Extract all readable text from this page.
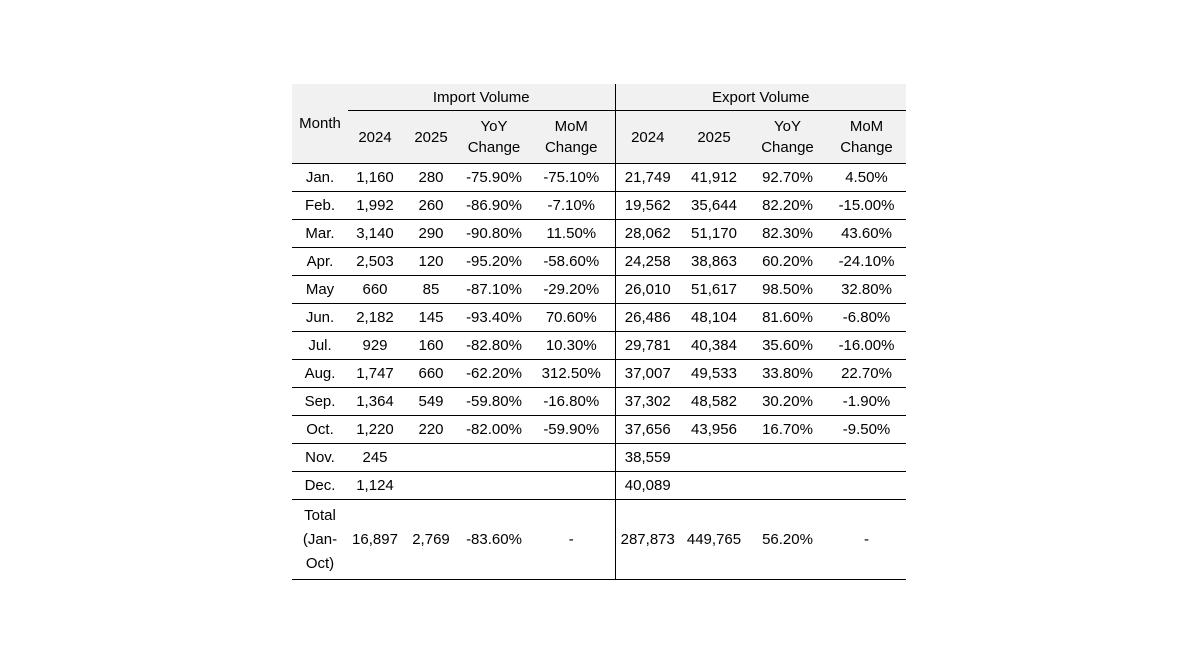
Month	Import Volume				Export Volume			
	2024	2025	YoY Change	MoM Change	2024	2025	YoY Change	MoM Change
Jan.	1,160	280	-75.90%	-75.10%	21,749	41,912	92.70%	4.50%
Feb.	1,992	260	-86.90%	-7.10%	19,562	35,644	82.20%	-15.00%
Mar.	3,140	290	-90.80%	11.50%	28,062	51,170	82.30%	43.60%
Apr.	2,503	120	-95.20%	-58.60%	24,258	38,863	60.20%	-24.10%
May	660	85	-87.10%	-29.20%	26,010	51,617	98.50%	32.80%
Jun.	2,182	145	-93.40%	70.60%	26,486	48,104	81.60%	-6.80%
Jul.	929	160	-82.80%	10.30%	29,781	40,384	35.60%	-16.00%
Aug.	1,747	660	-62.20%	312.50%	37,007	49,533	33.80%	22.70%
Sep.	1,364	549	-59.80%	-16.80%	37,302	48,582	30.20%	-1.90%
Oct.	1,220	220	-82.00%	-59.90%	37,656	43,956	16.70%	-9.50%
Nov.	245				38,559			
Dec.	1,124				40,089			
Total (Jan-Oct)	16,897	2,769	-83.60%	-	287,873	449,765	56.20%	-
